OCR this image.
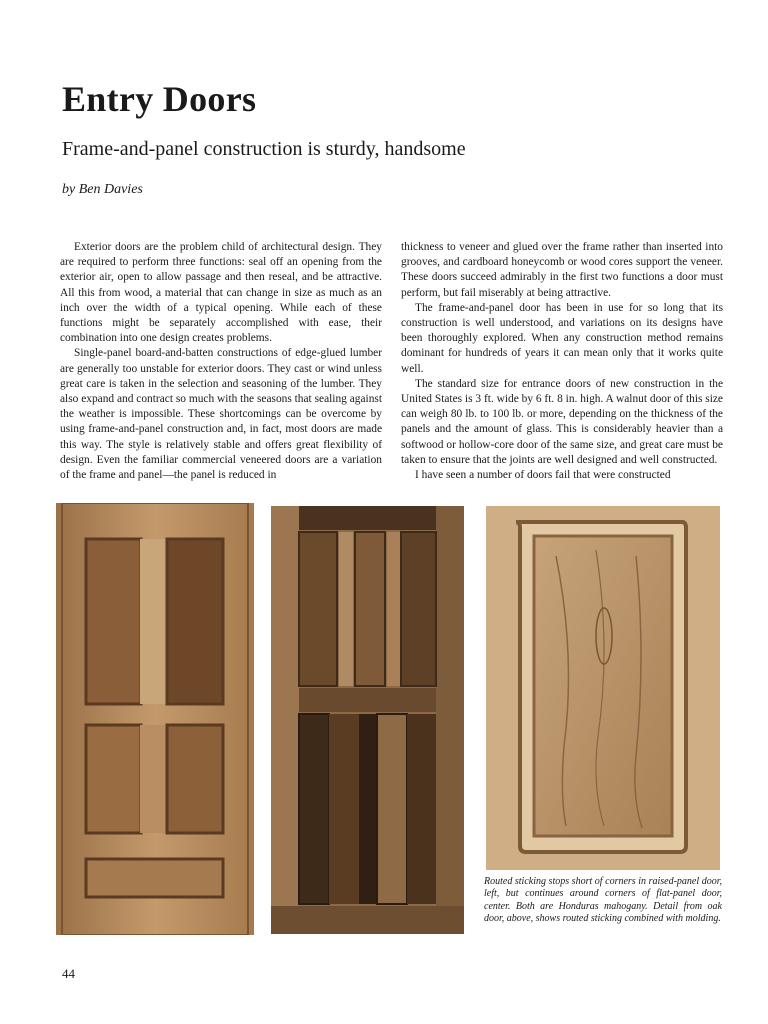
Entry Doors

Frame-and-panel construction is sturdy, handsome

by Ben Davies

Exterior doors are the problem child of architectural design. They are required to perform three functions: seal off an opening from the exterior air, open to allow passage and then reseal, and be attractive. All this from wood, a material that can change in size as much as an inch over the width of a typical opening. While each of these functions might be separately accomplished with ease, their combination into one design creates problems.

Single-panel board-and-batten constructions of edge-glued lumber are generally too unstable for exterior doors. They cast or wind unless great care is taken in the selection and seasoning of the lumber. They also expand and contract so much with the seasons that sealing against the weather is impossible. These shortcomings can be overcome by using frame-and-panel construction and, in fact, most doors are made this way. The style is relatively stable and offers great flexibility of design. Even the familiar commercial veneered doors are a variation of the frame and panel—the panel is reduced in

thickness to veneer and glued over the frame rather than inserted into grooves, and cardboard honeycomb or wood cores support the veneer. These doors succeed admirably in the first two functions a door must perform, but fail miserably at being attractive.

The frame-and-panel door has been in use for so long that its construction is well understood, and variations on its designs have been thoroughly explored. When any construction method remains dominant for hundreds of years it can mean only that it works quite well.

The standard size for entrance doors of new construction in the United States is 3 ft. wide by 6 ft. 8 in. high. A walnut door of this size can weigh 80 lb. to 100 lb. or more, depending on the thickness of the panels and the amount of glass. This is considerably heavier than a softwood or hollow-core door of the same size, and great care must be taken to ensure that the joints are well designed and well constructed.

I have seen a number of doors fail that were constructed

Routed sticking stops short of corners in raised-panel door, left, but continues around corners of flat-panel door, center. Both are Honduras mahogany. Detail from oak door, above, shows routed sticking combined with molding.

44
